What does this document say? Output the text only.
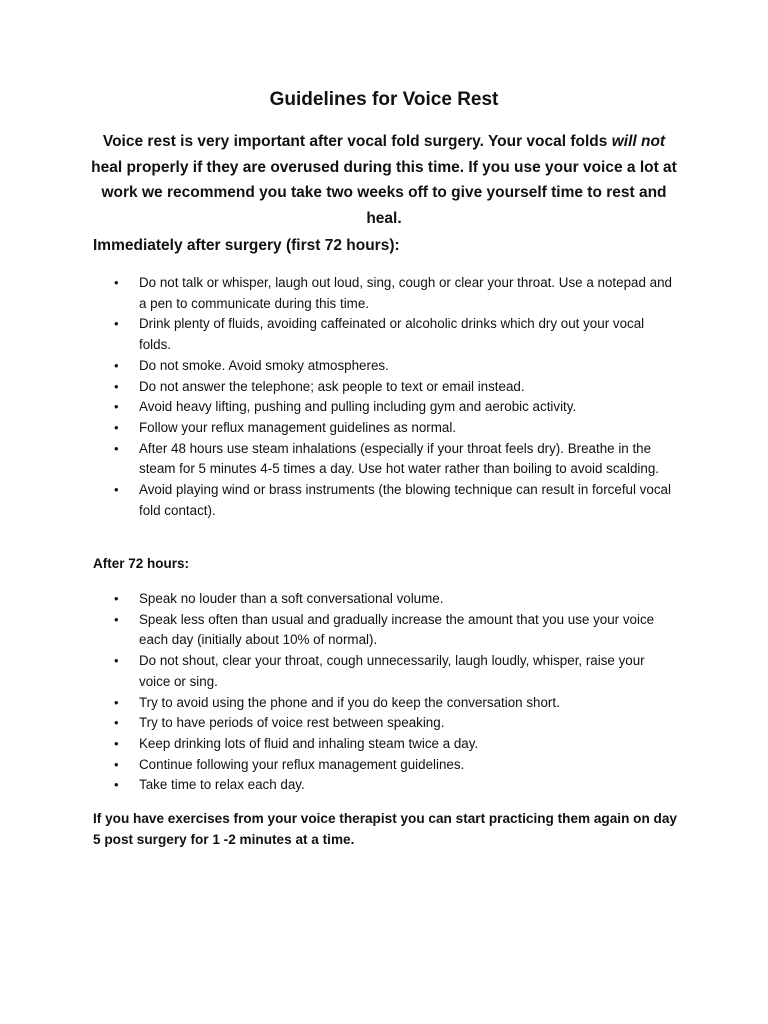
Guidelines for Voice Rest

Voice rest is very important after vocal fold surgery. Your vocal folds will not heal properly if they are overused during this time. If you use your voice a lot at work we recommend you take two weeks off to give yourself time to rest and heal.

Immediately after surgery (first 72 hours):
• Do not talk or whisper, laugh out loud, sing, cough or clear your throat. Use a notepad and a pen to communicate during this time.
• Drink plenty of fluids, avoiding caffeinated or alcoholic drinks which dry out your vocal folds.
• Do not smoke. Avoid smoky atmospheres.
• Do not answer the telephone; ask people to text or email instead.
• Avoid heavy lifting, pushing and pulling including gym and aerobic activity.
• Follow your reflux management guidelines as normal.
• After 48 hours use steam inhalations (especially if your throat feels dry). Breathe in the steam for 5 minutes 4-5 times a day. Use hot water rather than boiling to avoid scalding.
• Avoid playing wind or brass instruments (the blowing technique can result in forceful vocal fold contact).
After 72 hours:
• Speak no louder than a soft conversational volume.
• Speak less often than usual and gradually increase the amount that you use your voice each day (initially about 10% of normal).
• Do not shout, clear your throat, cough unnecessarily, laugh loudly, whisper, raise your voice or sing.
• Try to avoid using the phone and if you do keep the conversation short.
• Try to have periods of voice rest between speaking.
• Keep drinking lots of fluid and inhaling steam twice a day.
• Continue following your reflux management guidelines.
• Take time to relax each day.

If you have exercises from your voice therapist you can start practicing them again on day 5 post surgery for 1 -2 minutes at a time.
